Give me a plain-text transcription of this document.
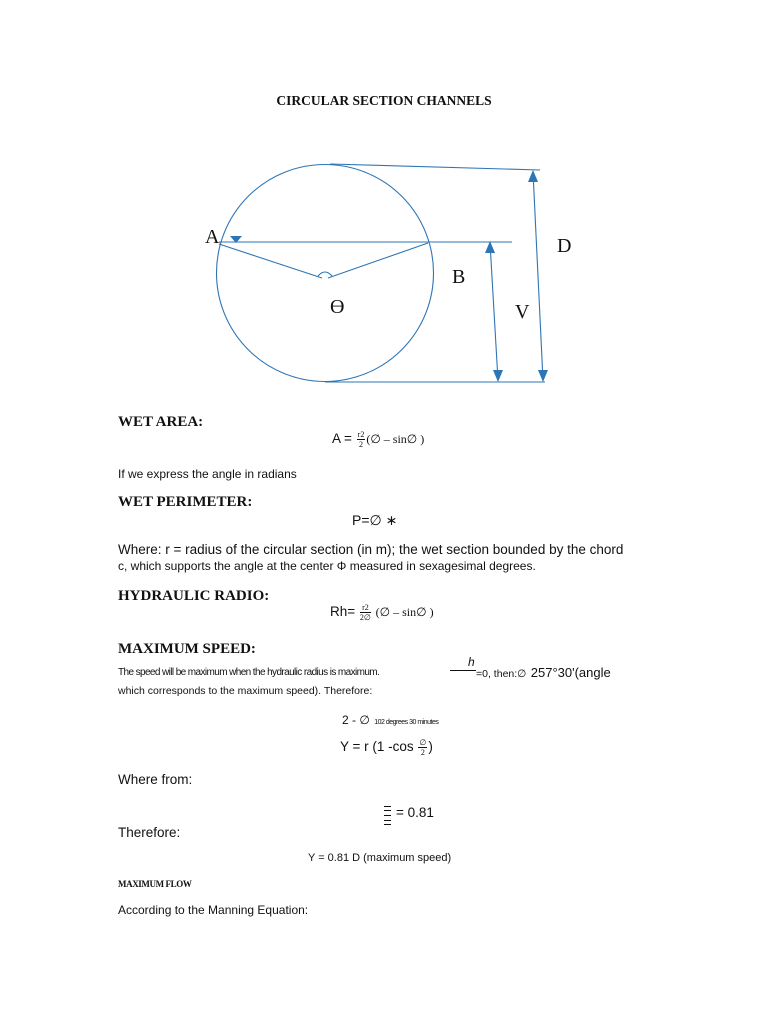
CIRCULAR SECTION CHANNELS
A
B
D
V
ϴ
WET AREA:
$A = \frac{r2}{2}$ (∅ – sin∅ )
If we express the angle in radians
WET PERIMETER:
P=∅ ∗
Where: r = radius of the circular section (in m); the wet section bounded by the chord
c, which supports the angle at the center Φ measured in sexagesimal degrees.
HYDRAULIC RADIO:
$Rh= \frac{r2}{2\emptyset}$ (∅ – sin∅ )
MAXIMUM SPEED:
The speed will be maximum when the hydraulic radius is maximum.
h
=0, then:∅ 257°30'(angle
which corresponds to the maximum speed). Therefore:
2 - ∅ 102 degrees 30 minutes
Y = r (1 $-\cos \frac{\emptyset}{2}$ )
Where from:
= 0.81
Therefore:
Y = 0.81 D (maximum speed)
MAXIMUM FLOW
According to the Manning Equation:
